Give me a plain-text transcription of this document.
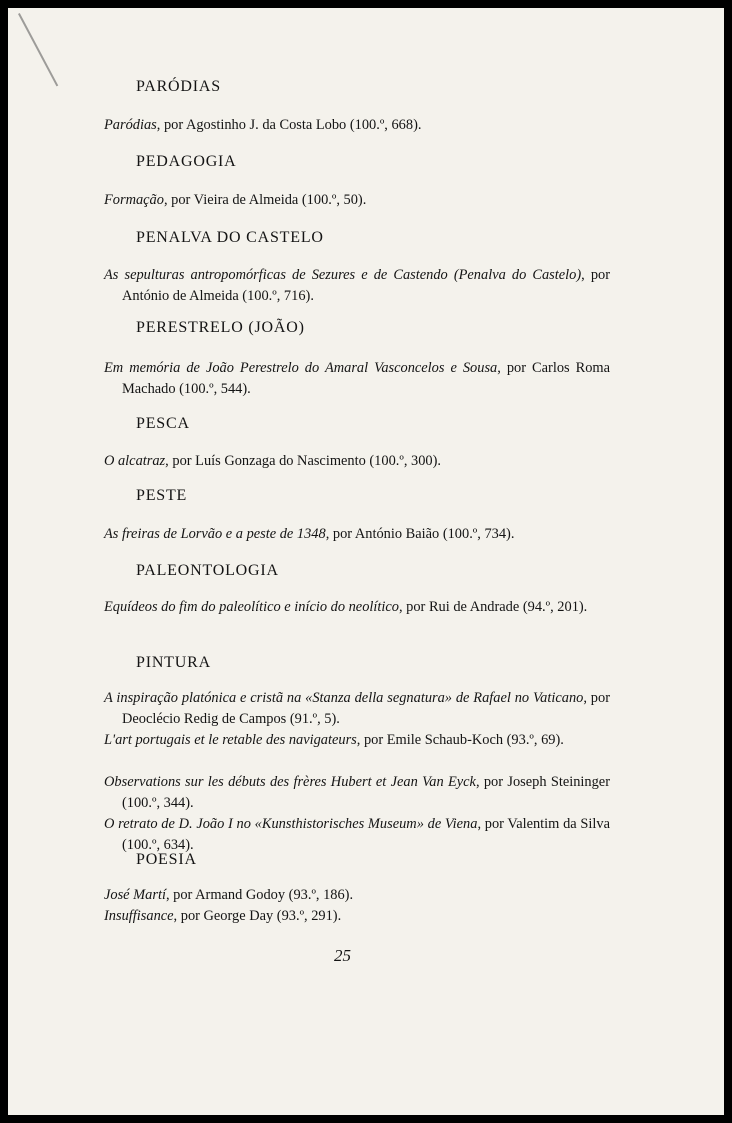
PARÓDIAS

Paródias, por Agostinho J. da Costa Lobo (100.º, 668).

PEDAGOGIA

Formação, por Vieira de Almeida (100.º, 50).

PENALVA DO CASTELO

As sepulturas antropomórficas de Sezures e de Castendo (Penalva do Castelo), por António de Almeida (100.º, 716).

PERESTRELO (JOÃO)

Em memória de João Perestrelo do Amaral Vasconcelos e Sousa, por Carlos Roma Machado (100.º, 544).

PESCA

O alcatraz, por Luís Gonzaga do Nascimento (100.º, 300).

PESTE

As freiras de Lorvão e a peste de 1348, por António Baião (100.º, 734).

PALEONTOLOGIA

Equídeos do fim do paleolítico e início do neolítico, por Rui de Andrade (94.º, 201).

PINTURA

A inspiração platónica e cristã na «Stanza della segnatura» de Rafael no Vaticano, por Deoclécio Redig de Campos (91.º, 5).

L'art portugais et le retable des navigateurs, por Emile Schaub-Koch (93.º, 69).

Observations sur les débuts des frères Hubert et Jean Van Eyck, por Joseph Steininger (100.º, 344).

O retrato de D. João I no «Kunsthistorisches Museum» de Viena, por Valentim da Silva (100.º, 634).

POESIA

José Martí, por Armand Godoy (93.º, 186).

Insuffisance, por George Day (93.º, 291).

25
